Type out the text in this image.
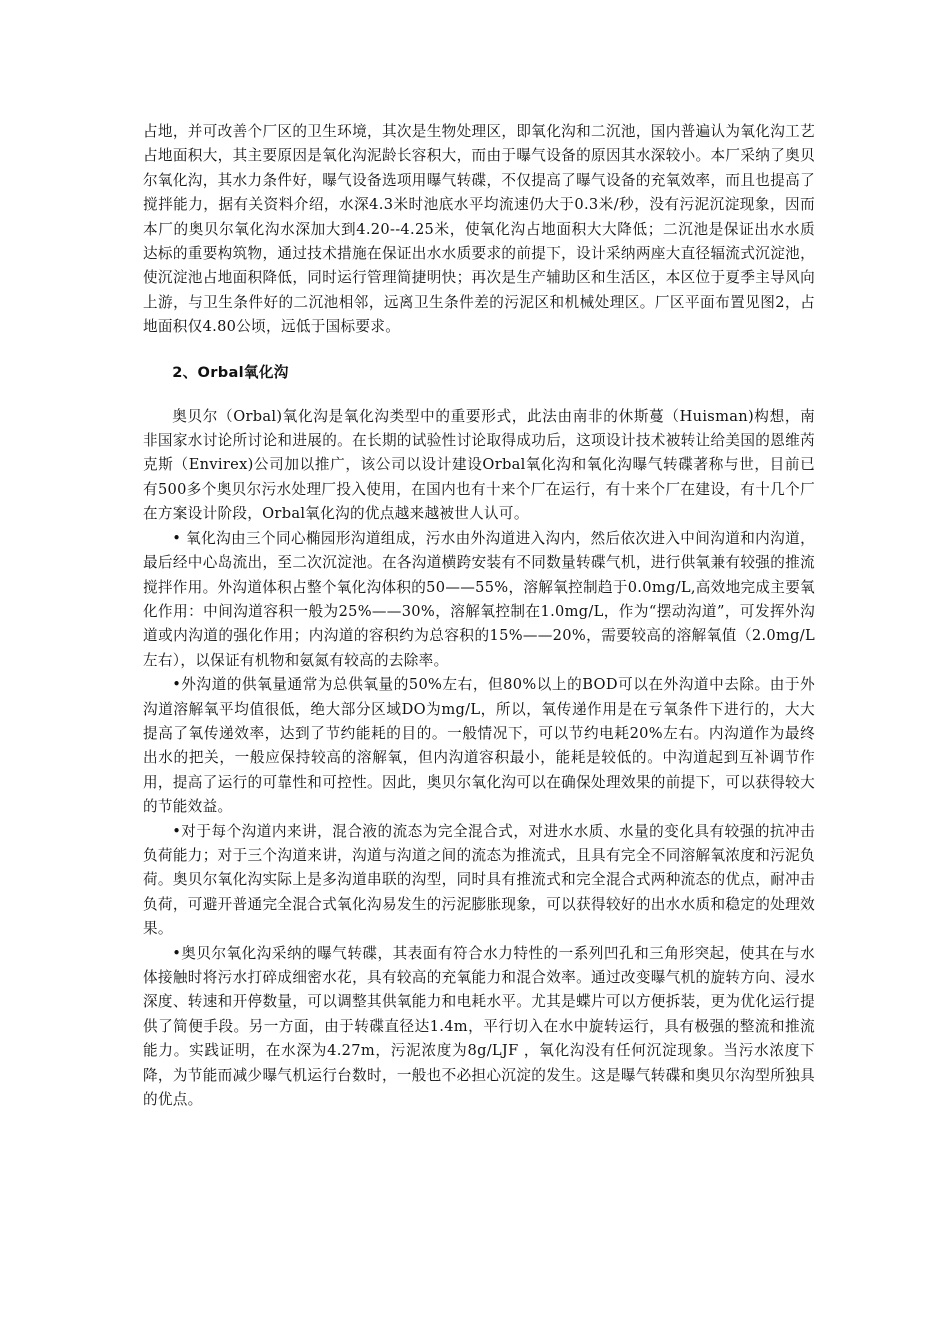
占地，并可改善个厂区的卫生环境，其次是生物处理区，即氧化沟和二沉池，国内普遍认为氧化沟工艺占地面积大，其主要原因是氧化沟泥龄长容积大，而由于曝气设备的原因其水深较小。本厂采纳了奥贝尔氧化沟，其水力条件好，曝气设备选项用曝气转碟，不仅提高了曝气设备的充氧效率，而且也提高了搅拌能力，据有关资料介绍，水深4.3米时池底水平均流速仍大于0.3米/秒，没有污泥沉淀现象，因而本厂的奥贝尔氧化沟水深加大到4.20--4.25米，使氧化沟占地面积大大降低；二沉池是保证出水水质达标的重要构筑物，通过技术措施在保证出水水质要求的前提下，设计采纳两座大直径辐流式沉淀池，使沉淀池占地面积降低，同时运行管理简捷明快；再次是生产辅助区和生活区，本区位于夏季主导风向上游，与卫生条件好的二沉池相邻，远离卫生条件差的污泥区和机械处理区。厂区平面布置见图2，占地面积仅4.80公顷，远低于国标要求。

2、Orbal氧化沟

奥贝尔（Orbal)氧化沟是氧化沟类型中的重要形式，此法由南非的休斯蔓（Huisman)构想，南非国家水讨论所讨论和进展的。在长期的试验性讨论取得成功后，这项设计技术被转让给美国的恩维芮克斯（Envirex)公司加以推广，该公司以设计建设Orbal氧化沟和氧化沟曝气转碟著称与世，目前已有500多个奥贝尔污水处理厂投入使用，在国内也有十来个厂在运行，有十来个厂在建设，有十几个厂在方案设计阶段，Orbal氧化沟的优点越来越被世人认可。

• 氧化沟由三个同心椭园形沟道组成，污水由外沟道进入沟内，然后依次进入中间沟道和内沟道，最后经中心岛流出，至二次沉淀池。在各沟道横跨安装有不同数量转碟气机，进行供氧兼有较强的推流搅拌作用。外沟道体积占整个氧化沟体积的50——55%，溶解氧控制趋于0.0mg/L,高效地完成主要氧化作用：中间沟道容积一般为25%——30%，溶解氧控制在1.0mg/L，作为“摆动沟道”，可发挥外沟道或内沟道的强化作用；内沟道的容积约为总容积的15%——20%，需要较高的溶解氧值（2.0mg/L左右），以保证有机物和氨氮有较高的去除率。

•外沟道的供氧量通常为总供氧量的50%左右，但80%以上的BOD可以在外沟道中去除。由于外沟道溶解氧平均值很低，绝大部分区域DO为mg/L，所以，氧传递作用是在亏氧条件下进行的，大大提高了氧传递效率，达到了节约能耗的目的。一般情况下，可以节约电耗20%左右。内沟道作为最终出水的把关，一般应保持较高的溶解氧，但内沟道容积最小，能耗是较低的。中沟道起到互补调节作用，提高了运行的可靠性和可控性。因此，奥贝尔氧化沟可以在确保处理效果的前提下，可以获得较大的节能效益。

•对于每个沟道内来讲，混合液的流态为完全混合式，对进水水质、水量的变化具有较强的抗冲击负荷能力；对于三个沟道来讲，沟道与沟道之间的流态为推流式，且具有完全不同溶解氧浓度和污泥负荷。奥贝尔氧化沟实际上是多沟道串联的沟型，同时具有推流式和完全混合式两种流态的优点，耐冲击负荷，可避开普通完全混合式氧化沟易发生的污泥膨胀现象，可以获得较好的出水水质和稳定的处理效果。

•奥贝尔氧化沟采纳的曝气转碟，其表面有符合水力特性的一系列凹孔和三角形突起，使其在与水体接触时将污水打碎成细密水花，具有较高的充氧能力和混合效率。通过改变曝气机的旋转方向、浸水深度、转速和开停数量，可以调整其供氧能力和电耗水平。尤其是蝶片可以方便拆装，更为优化运行提供了简便手段。另一方面，由于转碟直径达1.4m，平行切入在水中旋转运行，具有极强的整流和推流能力。实践证明，在水深为4.27m，污泥浓度为8g/LJF ，氧化沟没有任何沉淀现象。当污水浓度下降，为节能而减少曝气机运行台数时，一般也不必担心沉淀的发生。这是曝气转碟和奥贝尔沟型所独具的优点。
